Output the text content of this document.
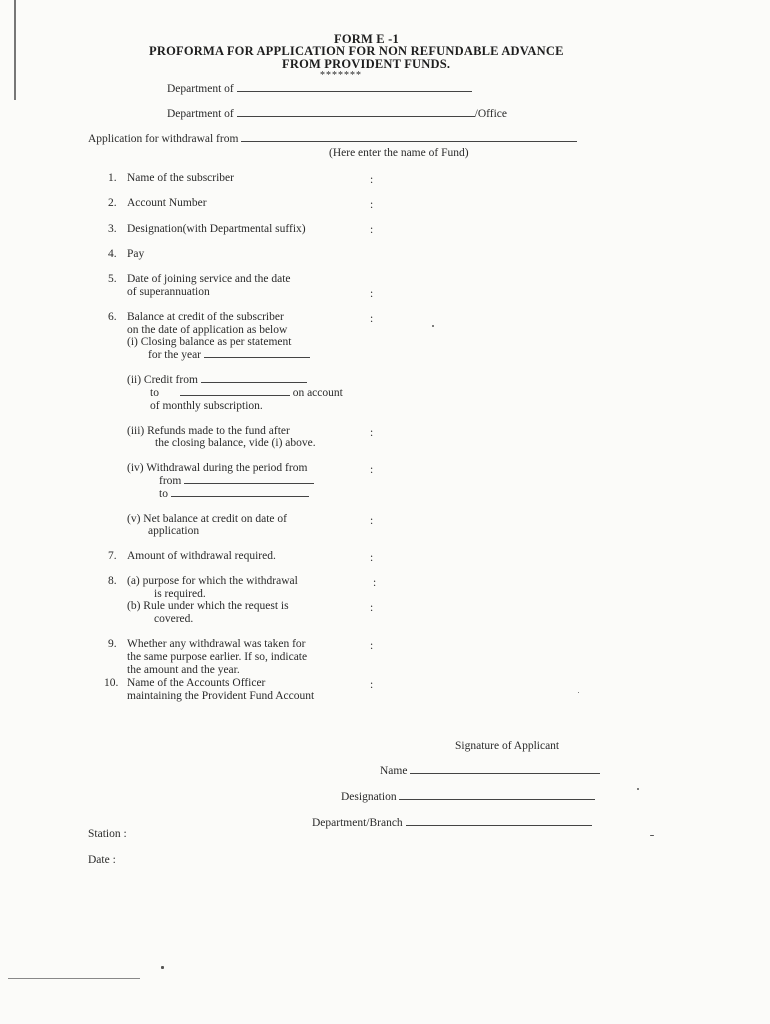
FORM E -1
PROFORMA FOR APPLICATION FOR NON REFUNDABLE ADVANCE
FROM PROVIDENT FUNDS.
*******
Department of
Department of	/Office
Application for withdrawal from
(Here enter the name of Fund)
1. Name of the subscriber	:
2. Account Number	:
3. Designation(with Departmental suffix)	:
4. Pay
5. Date of joining service and the date
of superannuation	:
6. Balance at credit of the subscriber	:
on the date of application as below
(i) Closing balance as per statement
for the year
(ii) Credit from
to	on account
of monthly subscription.
(iii) Refunds made to the fund after	:
the closing balance, vide (i) above.
(iv) Withdrawal during the period from	:
from
to
(v) Net balance at credit on date of	:
application
7. Amount of withdrawal required.	:
8. (a) purpose for which the withdrawal	:
is required.
(b) Rule under which the request is	:
covered.
9. Whether any withdrawal was taken for	:
the same purpose earlier. If so, indicate
the amount and the year.
10. Name of the Accounts Officer	:
maintaining the Provident Fund Account
Signature of Applicant
Name
Designation
Department/Branch
Station :
Date :
